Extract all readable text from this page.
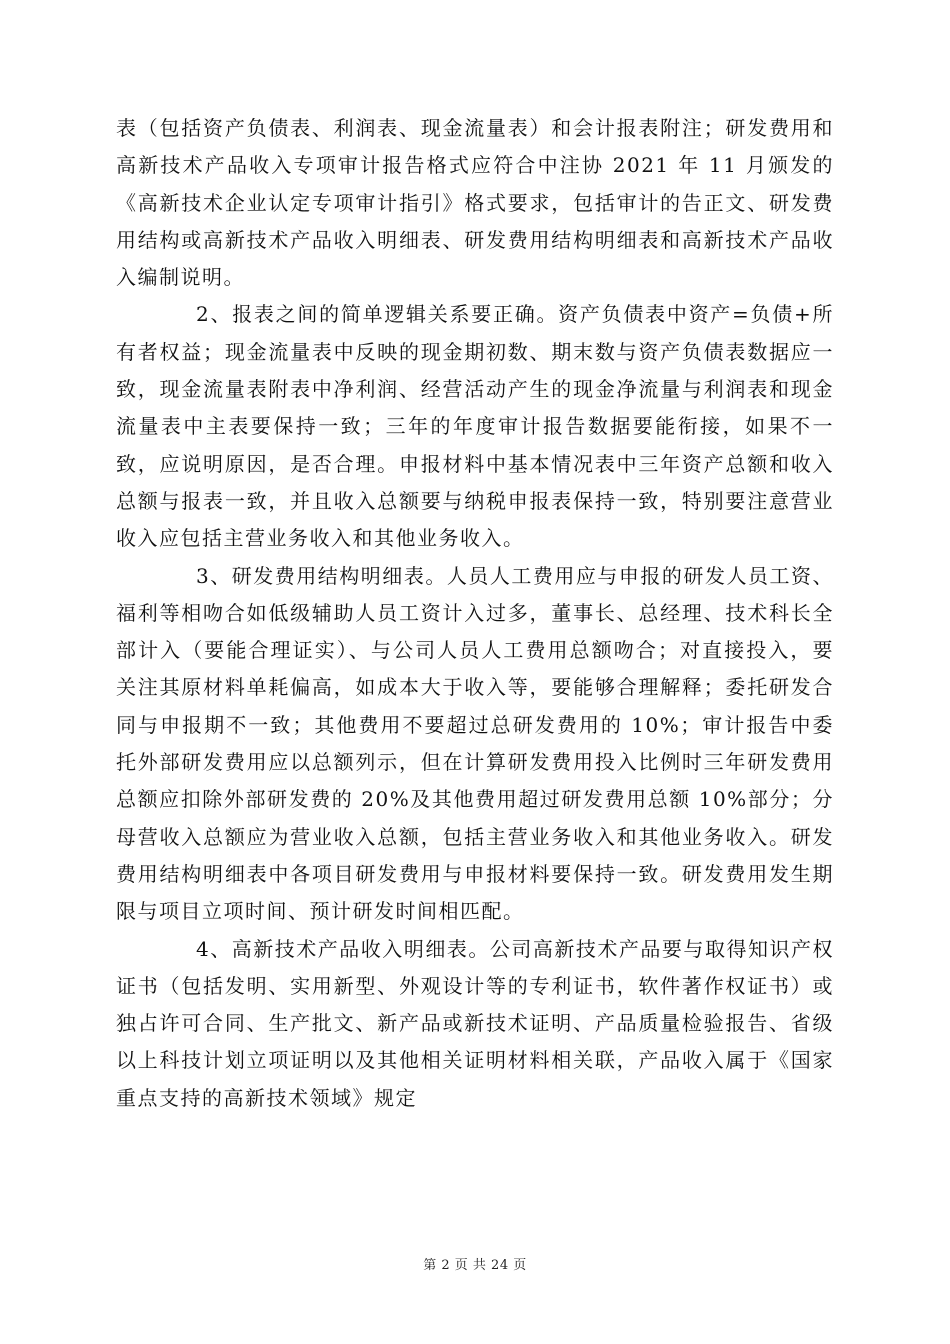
表（包括资产负债表、利润表、现金流量表）和会计报表附注；研发费用和高新技术产品收入专项审计报告格式应符合中注协 2021 年 11 月颁发的《高新技术企业认定专项审计指引》格式要求，包括审计的告正文、研发费用结构或高新技术产品收入明细表、研发费用结构明细表和高新技术产品收入编制说明。

2、报表之间的简单逻辑关系要正确。资产负债表中资产=负债+所有者权益；现金流量表中反映的现金期初数、期末数与资产负债表数据应一致，现金流量表附表中净利润、经营活动产生的现金净流量与利润表和现金流量表中主表要保持一致；三年的年度审计报告数据要能衔接，如果不一致，应说明原因，是否合理。申报材料中基本情况表中三年资产总额和收入总额与报表一致，并且收入总额要与纳税申报表保持一致，特别要注意营业收入应包括主营业务收入和其他业务收入。

3、研发费用结构明细表。人员人工费用应与申报的研发人员工资、福利等相吻合如低级辅助人员工资计入过多，董事长、总经理、技术科长全部计入（要能合理证实）、与公司人员人工费用总额吻合；对直接投入，要关注其原材料单耗偏高，如成本大于收入等，要能够合理解释；委托研发合同与申报期不一致；其他费用不要超过总研发费用的 10%；审计报告中委托外部研发费用应以总额列示，但在计算研发费用投入比例时三年研发费用总额应扣除外部研发费的 20%及其他费用超过研发费用总额 10%部分；分母营收入总额应为营业收入总额，包括主营业务收入和其他业务收入。研发费用结构明细表中各项目研发费用与申报材料要保持一致。研发费用发生期限与项目立项时间、预计研发时间相匹配。

4、高新技术产品收入明细表。公司高新技术产品要与取得知识产权证书（包括发明、实用新型、外观设计等的专利证书，软件著作权证书）或独占许可合同、生产批文、新产品或新技术证明、产品质量检验报告、省级以上科技计划立项证明以及其他相关证明材料相关联，产品收入属于《国家重点支持的高新技术领域》规定

第 2 页 共 24 页
